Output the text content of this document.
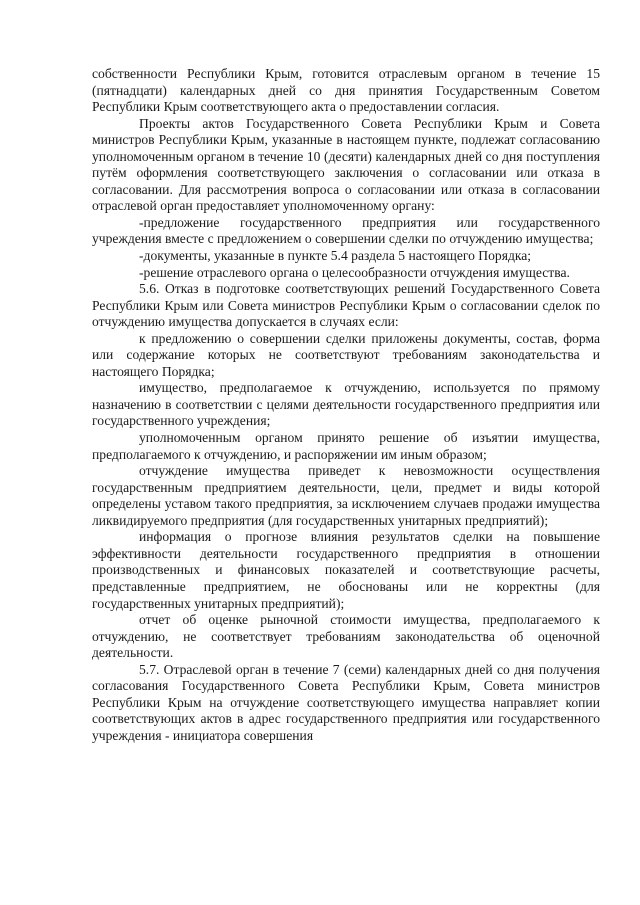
собственности Республики Крым, готовится отраслевым органом в течение 15 (пятнадцати) календарных дней со дня принятия Государственным Советом Республики Крым соответствующего акта о предоставлении согласия.

Проекты актов Государственного Совета Республики Крым и Совета министров Республики Крым, указанные в настоящем пункте, подлежат согласованию уполномоченным органом в течение 10 (десяти) календарных дней со дня поступления путём оформления соответствующего заключения о согласовании или отказа в согласовании. Для рассмотрения вопроса о согласовании или отказа в согласовании отраслевой орган предоставляет уполномоченному органу:

-предложение государственного предприятия или государственного учреждения вместе с предложением о совершении сделки по отчуждению имущества;

-документы, указанные в пункте 5.4 раздела 5 настоящего Порядка;

-решение отраслевого органа о целесообразности отчуждения имущества.

5.6. Отказ в подготовке соответствующих решений Государственного Совета Республики Крым или Совета министров Республики Крым о согласовании сделок по отчуждению имущества допускается в случаях если:

к предложению о совершении сделки приложены документы, состав, форма или содержание которых не соответствуют требованиям законодательства и настоящего Порядка;

имущество, предполагаемое к отчуждению, используется по прямому назначению в соответствии с целями деятельности государственного предприятия или государственного учреждения;

уполномоченным органом принято решение об изъятии имущества, предполагаемого к отчуждению, и распоряжении им иным образом;

отчуждение имущества приведет к невозможности осуществления государственным предприятием деятельности, цели, предмет и виды которой определены уставом такого предприятия, за исключением случаев продажи имущества ликвидируемого предприятия (для государственных унитарных предприятий);

информация о прогнозе влияния результатов сделки на повышение эффективности деятельности государственного предприятия в отношении производственных и финансовых показателей и соответствующие расчеты, представленные предприятием, не обоснованы или не корректны (для государственных унитарных предприятий);

отчет об оценке рыночной стоимости имущества, предполагаемого к отчуждению, не соответствует требованиям законодательства об оценочной деятельности.

5.7. Отраслевой орган в течение 7 (семи) календарных дней со дня получения согласования Государственного Совета Республики Крым, Совета министров Республики Крым на отчуждение соответствующего имущества направляет копии соответствующих актов в адрес государственного предприятия или государственного учреждения - инициатора совершения
